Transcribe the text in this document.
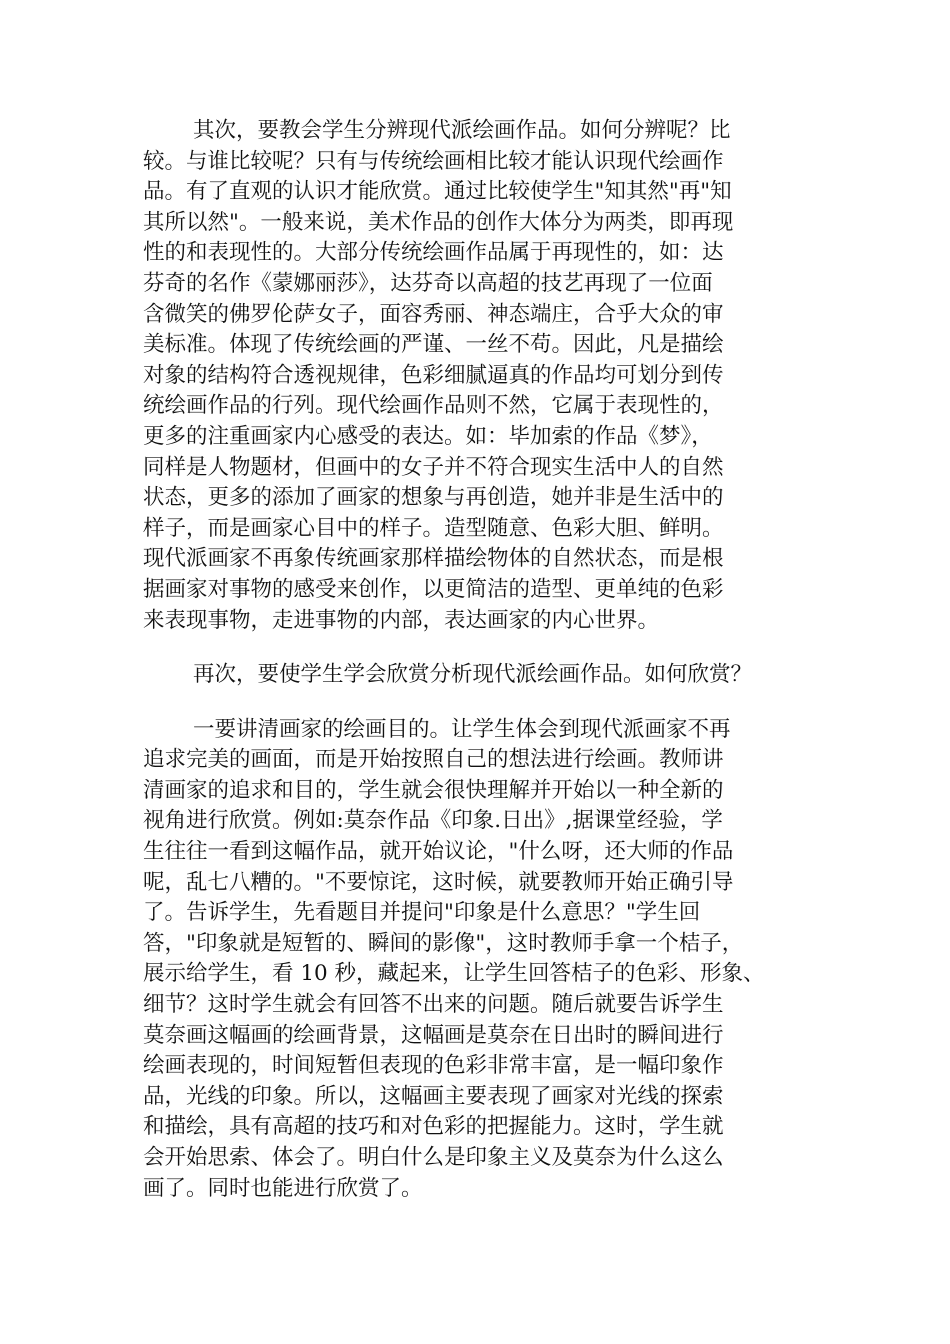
其次，要教会学生分辨现代派绘画作品。如何分辨呢？比
较。与谁比较呢？只有与传统绘画相比较才能认识现代绘画作
品。有了直观的认识才能欣赏。通过比较使学生"知其然"再"知
其所以然"。一般来说，美术作品的创作大体分为两类，即再现
性的和表现性的。大部分传统绘画作品属于再现性的，如：达
芬奇的名作《蒙娜丽莎》，达芬奇以高超的技艺再现了一位面
含微笑的佛罗伦萨女子，面容秀丽、神态端庄，合乎大众的审
美标准。体现了传统绘画的严谨、一丝不苟。因此，凡是描绘
对象的结构符合透视规律，色彩细腻逼真的作品均可划分到传
统绘画作品的行列。现代绘画作品则不然，它属于表现性的，
更多的注重画家内心感受的表达。如：毕加索的作品《梦》，
同样是人物题材，但画中的女子并不符合现实生活中人的自然
状态，更多的添加了画家的想象与再创造，她并非是生活中的
样子，而是画家心目中的样子。造型随意、色彩大胆、鲜明。
现代派画家不再象传统画家那样描绘物体的自然状态，而是根
据画家对事物的感受来创作，以更简洁的造型、更单纯的色彩
来表现事物，走进事物的内部，表达画家的内心世界。

再次，要使学生学会欣赏分析现代派绘画作品。如何欣赏？

一要讲清画家的绘画目的。让学生体会到现代派画家不再
追求完美的画面，而是开始按照自己的想法进行绘画。教师讲
清画家的追求和目的，学生就会很快理解并开始以一种全新的
视角进行欣赏。例如:莫奈作品《印象.日出》,据课堂经验，学
生往往一看到这幅作品，就开始议论，"什么呀，还大师的作品
呢，乱七八糟的。"不要惊诧，这时候，就要教师开始正确引导
了。告诉学生，先看题目并提问"印象是什么意思？"学生回
答，"印象就是短暂的、瞬间的影像"，这时教师手拿一个桔子，
展示给学生，看 10 秒，藏起来，让学生回答桔子的色彩、形象、
细节？这时学生就会有回答不出来的问题。随后就要告诉学生
莫奈画这幅画的绘画背景，这幅画是莫奈在日出时的瞬间进行
绘画表现的，时间短暂但表现的色彩非常丰富，是一幅印象作
品，光线的印象。所以，这幅画主要表现了画家对光线的探索
和描绘，具有高超的技巧和对色彩的把握能力。这时，学生就
会开始思索、体会了。明白什么是印象主义及莫奈为什么这么
画了。同时也能进行欣赏了。
